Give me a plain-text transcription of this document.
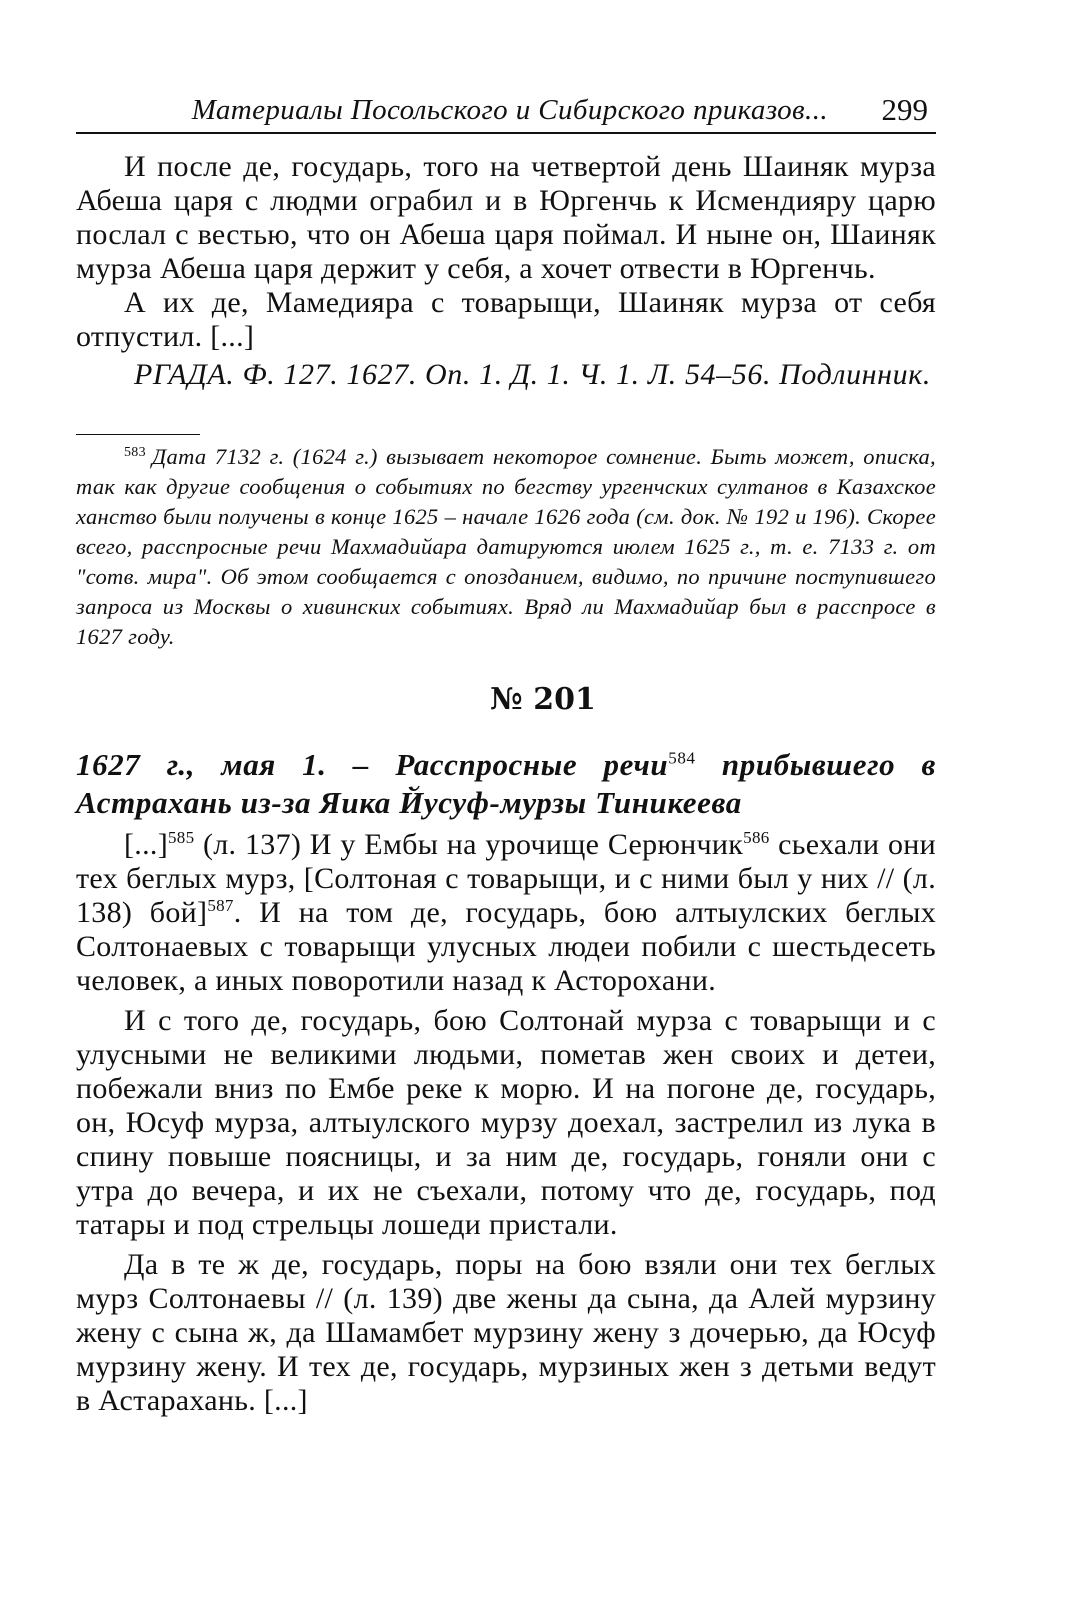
Материалы Посольского и Сибирского приказов... 299

И после де, государь, того на четвертой день Шаиняк мурза Абеша царя с людми ограбил и в Юргенчь к Исмендияру царю послал с вестью, что он Абеша царя поймал. И ныне он, Шаиняк мурза Абеша царя держит у себя, а хочет отвести в Юргенчь.

А их де, Мамедияра с товарыщи, Шаиняк мурза от себя отпустил. [...]

РГАДА. Ф. 127. 1627. Оп. 1. Д. 1. Ч. 1. Л. 54–56. Подлинник.

$^{583}$ Дата 7132 г. (1624 г.) вызывает некоторое сомнение. Быть может, описка, так как другие сообщения о событиях по бегству ургенчских султанов в Казахское ханство были получены в конце 1625 – начале 1626 года (см. док. № 192 и 196). Скорее всего, расспросные речи Махмадийара датируются июлем 1625 г., т. е. 7133 г. от "сотв. мира". Об этом сообщается с опозданием, видимо, по причине поступившего запроса из Москвы о хивинских событиях. Вряд ли Махмадийар был в расспросе в 1627 году.

№ 201

1627 г., мая 1. – Расспросные речи$^{584}$ прибывшего в Астрахань из-за Яика Йусуф-мурзы Тиникеева

[...]$^{585}$ (л. 137) И у Ембы на урочище Серюнчик$^{586}$ сьехали они тех беглых мурз, [Солтоная с товарыщи, и с ними был у них // (л. 138) бой]$^{587}$. И на том де, государь, бою алтыулских беглых Солтонаевых с товарыщи улусных людеи побили с шестьдесеть человек, а иных поворотили назад к Асторохани.

И с того де, государь, бою Солтонай мурза с товарыщи и с улусными не великими людьми, пометав жен своих и детеи, побежали вниз по Ембе реке к морю. И на погоне де, государь, он, Юсуф мурза, алтыулского мурзу доехал, застрелил из лука в спину повыше поясницы, и за ним де, государь, гоняли они с утра до вечера, и их не съехали, потому что де, государь, под татары и под стрельцы лошеди пристали.

Да в те ж де, государь, поры на бою взяли они тех беглых мурз Солтонаевы // (л. 139) две жены да сына, да Алей мурзину жену с сына ж, да Шамамбет мурзину жену з дочерью, да Юсуф мурзину жену. И тех де, государь, мурзиных жен з детьми ведут в Астарахань. [...]
